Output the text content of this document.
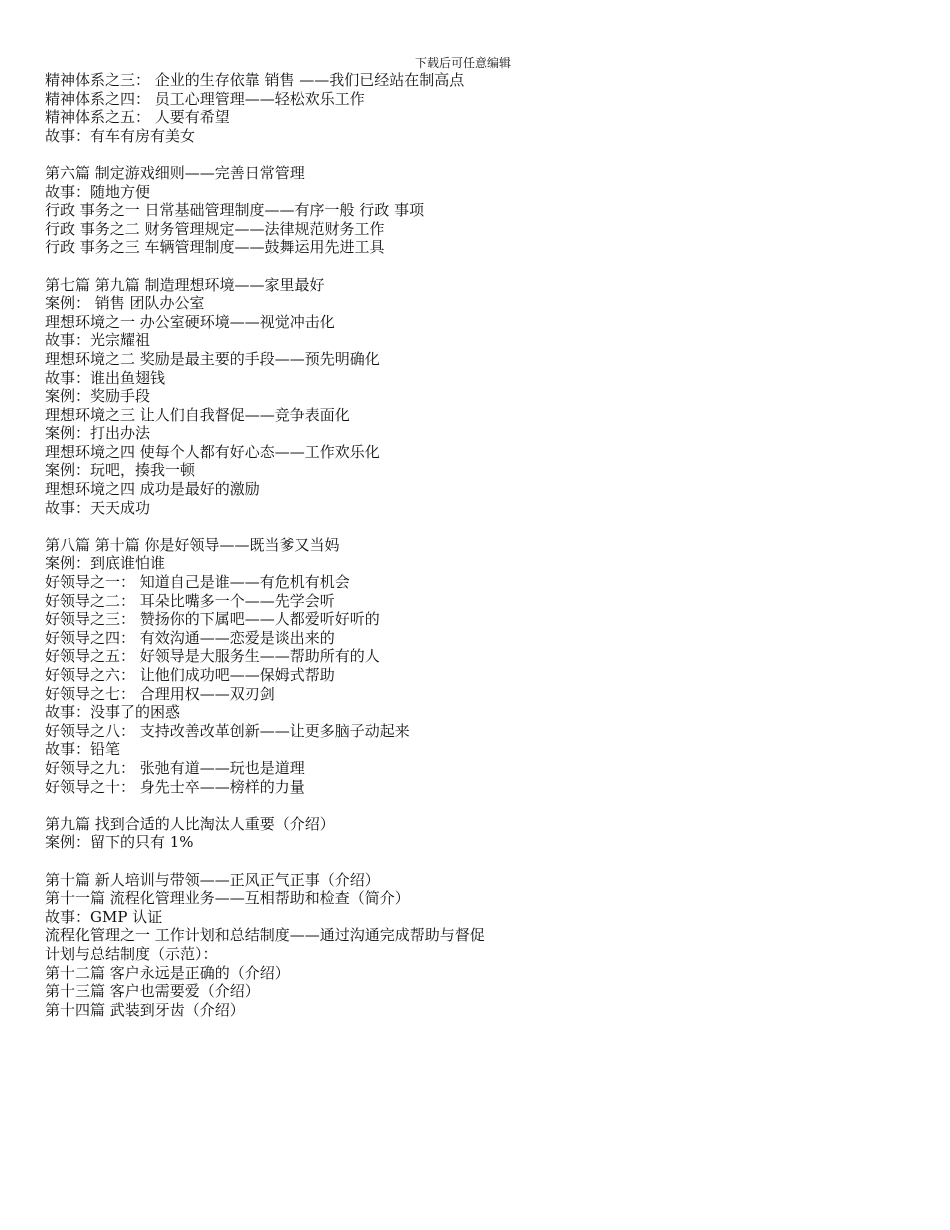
下载后可任意编辑
精神体系之三： 企业的生存依靠 销售 ——我们已经站在制高点
精神体系之四： 员工心理管理——轻松欢乐工作
精神体系之五： 人要有希望
故事：有车有房有美女
第六篇 制定游戏细则——完善日常管理
故事：随地方便
行政 事务之一 日常基础管理制度——有序一般 行政 事项
行政 事务之二 财务管理规定——法律规范财务工作
行政 事务之三 车辆管理制度——鼓舞运用先进工具
第七篇 第九篇 制造理想环境——家里最好
案例： 销售 团队办公室
理想环境之一 办公室硬环境——视觉冲击化
故事：光宗耀祖
理想环境之二 奖励是最主要的手段——预先明确化
故事：谁出鱼翅钱
案例：奖励手段
理想环境之三 让人们自我督促——竞争表面化
案例：打出办法
理想环境之四 使每个人都有好心态——工作欢乐化
案例：玩吧，揍我一顿
理想环境之四 成功是最好的激励
故事：天天成功
第八篇 第十篇 你是好领导——既当爹又当妈
案例：到底谁怕谁
好领导之一： 知道自己是谁——有危机有机会
好领导之二： 耳朵比嘴多一个——先学会听
好领导之三： 赞扬你的下属吧——人都爱听好听的
好领导之四： 有效沟通——恋爱是谈出来的
好领导之五： 好领导是大服务生——帮助所有的人
好领导之六： 让他们成功吧——保姆式帮助
好领导之七： 合理用权——双刃剑
故事：没事了的困惑
好领导之八： 支持改善改革创新——让更多脑子动起来
故事：铅笔
好领导之九： 张弛有道——玩也是道理
好领导之十： 身先士卒——榜样的力量
第九篇 找到合适的人比淘汰人重要（介绍）
案例：留下的只有 1%
第十篇 新人培训与带领——正风正气正事（介绍）
第十一篇 流程化管理业务——互相帮助和检查（简介）
故事：GMP 认证
流程化管理之一 工作计划和总结制度——通过沟通完成帮助与督促
计划与总结制度（示范）：
第十二篇 客户永远是正确的（介绍）
第十三篇 客户也需要爱（介绍）
第十四篇 武装到牙齿（介绍）
